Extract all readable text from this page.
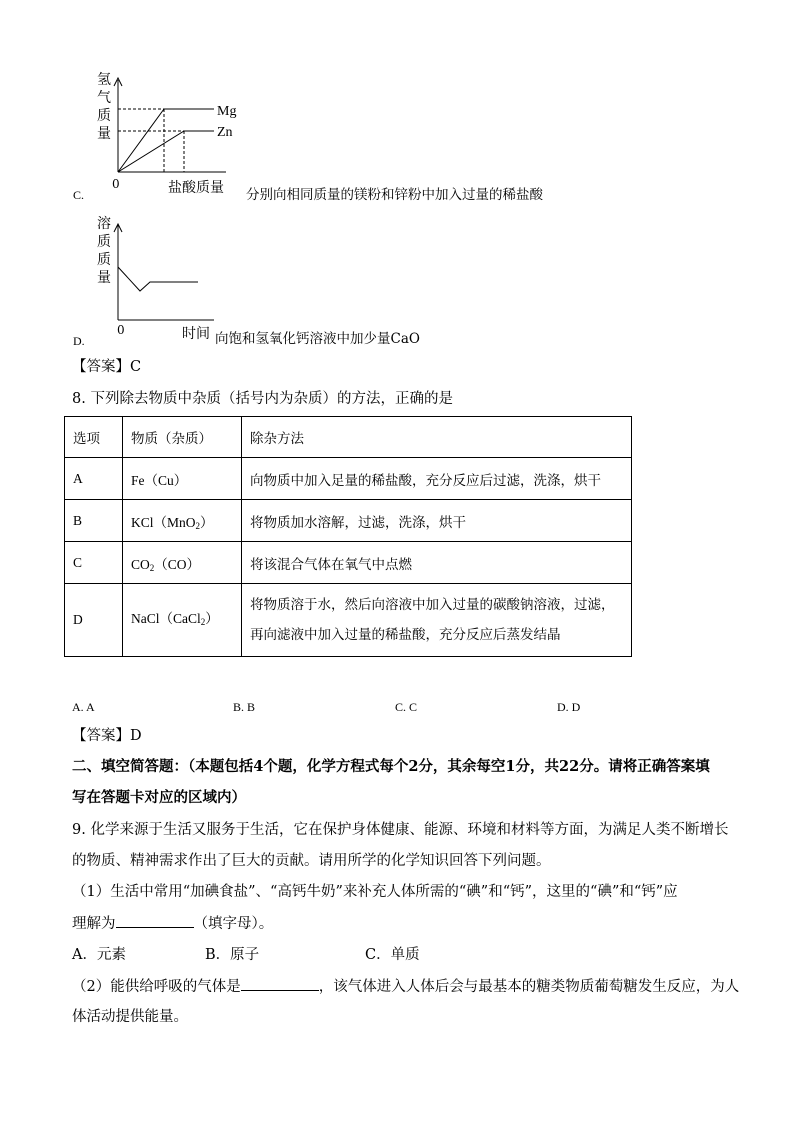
氢
气
质
量
Mg
Zn
0	盐酸质量
C.	分别向相同质量的镁粉和锌粉中加入过量的稀盐酸
溶
质
质
量
0	时间
D.	向饱和氢氧化钙溶液中加少量CaO
【答案】C
8. 下列除去物质中杂质（括号内为杂质）的方法，正确的是
选项	物质（杂质）	除杂方法
A	Fe（Cu）	向物质中加入足量的稀盐酸，充分反应后过滤，洗涤，烘干
B	KCl（MnO$_2$）	将物质加水溶解，过滤，洗涤，烘干
C	$CO_2(CO)$	将该混合气体在氧气中点燃
D	NaCl（CaCl$_2$）	将物质溶于水，然后向溶液中加入过量的碳酸钠溶液，过滤，
再向滤液中加入过量的稀盐酸，充分反应后蒸发结晶
A. A	B. B	C. C	D. D
【答案】D
二、填空简答题：（本题包括4个题，化学方程式每个2分，其余每空1分，共22分。请将正确答案填
写在答题卡对应的区域内）
9. 化学来源于生活又服务于生活，它在保护身体健康、能源、环境和材料等方面，为满足人类不断增长
的物质、精神需求作出了巨大的贡献。请用所学的化学知识回答下列问题。
（1）生活中常用“加碘食盐”、“高钙牛奶”来补充人体所需的“碘”和“钙”，这里的“碘”和“钙”应
理解为	（填字母）。
A．元素	B．原子	C．单质
（2）能供给呼吸的气体是	，该气体进入人体后会与最基本的糖类物质葡萄糖发生反应，为人
体活动提供能量。
